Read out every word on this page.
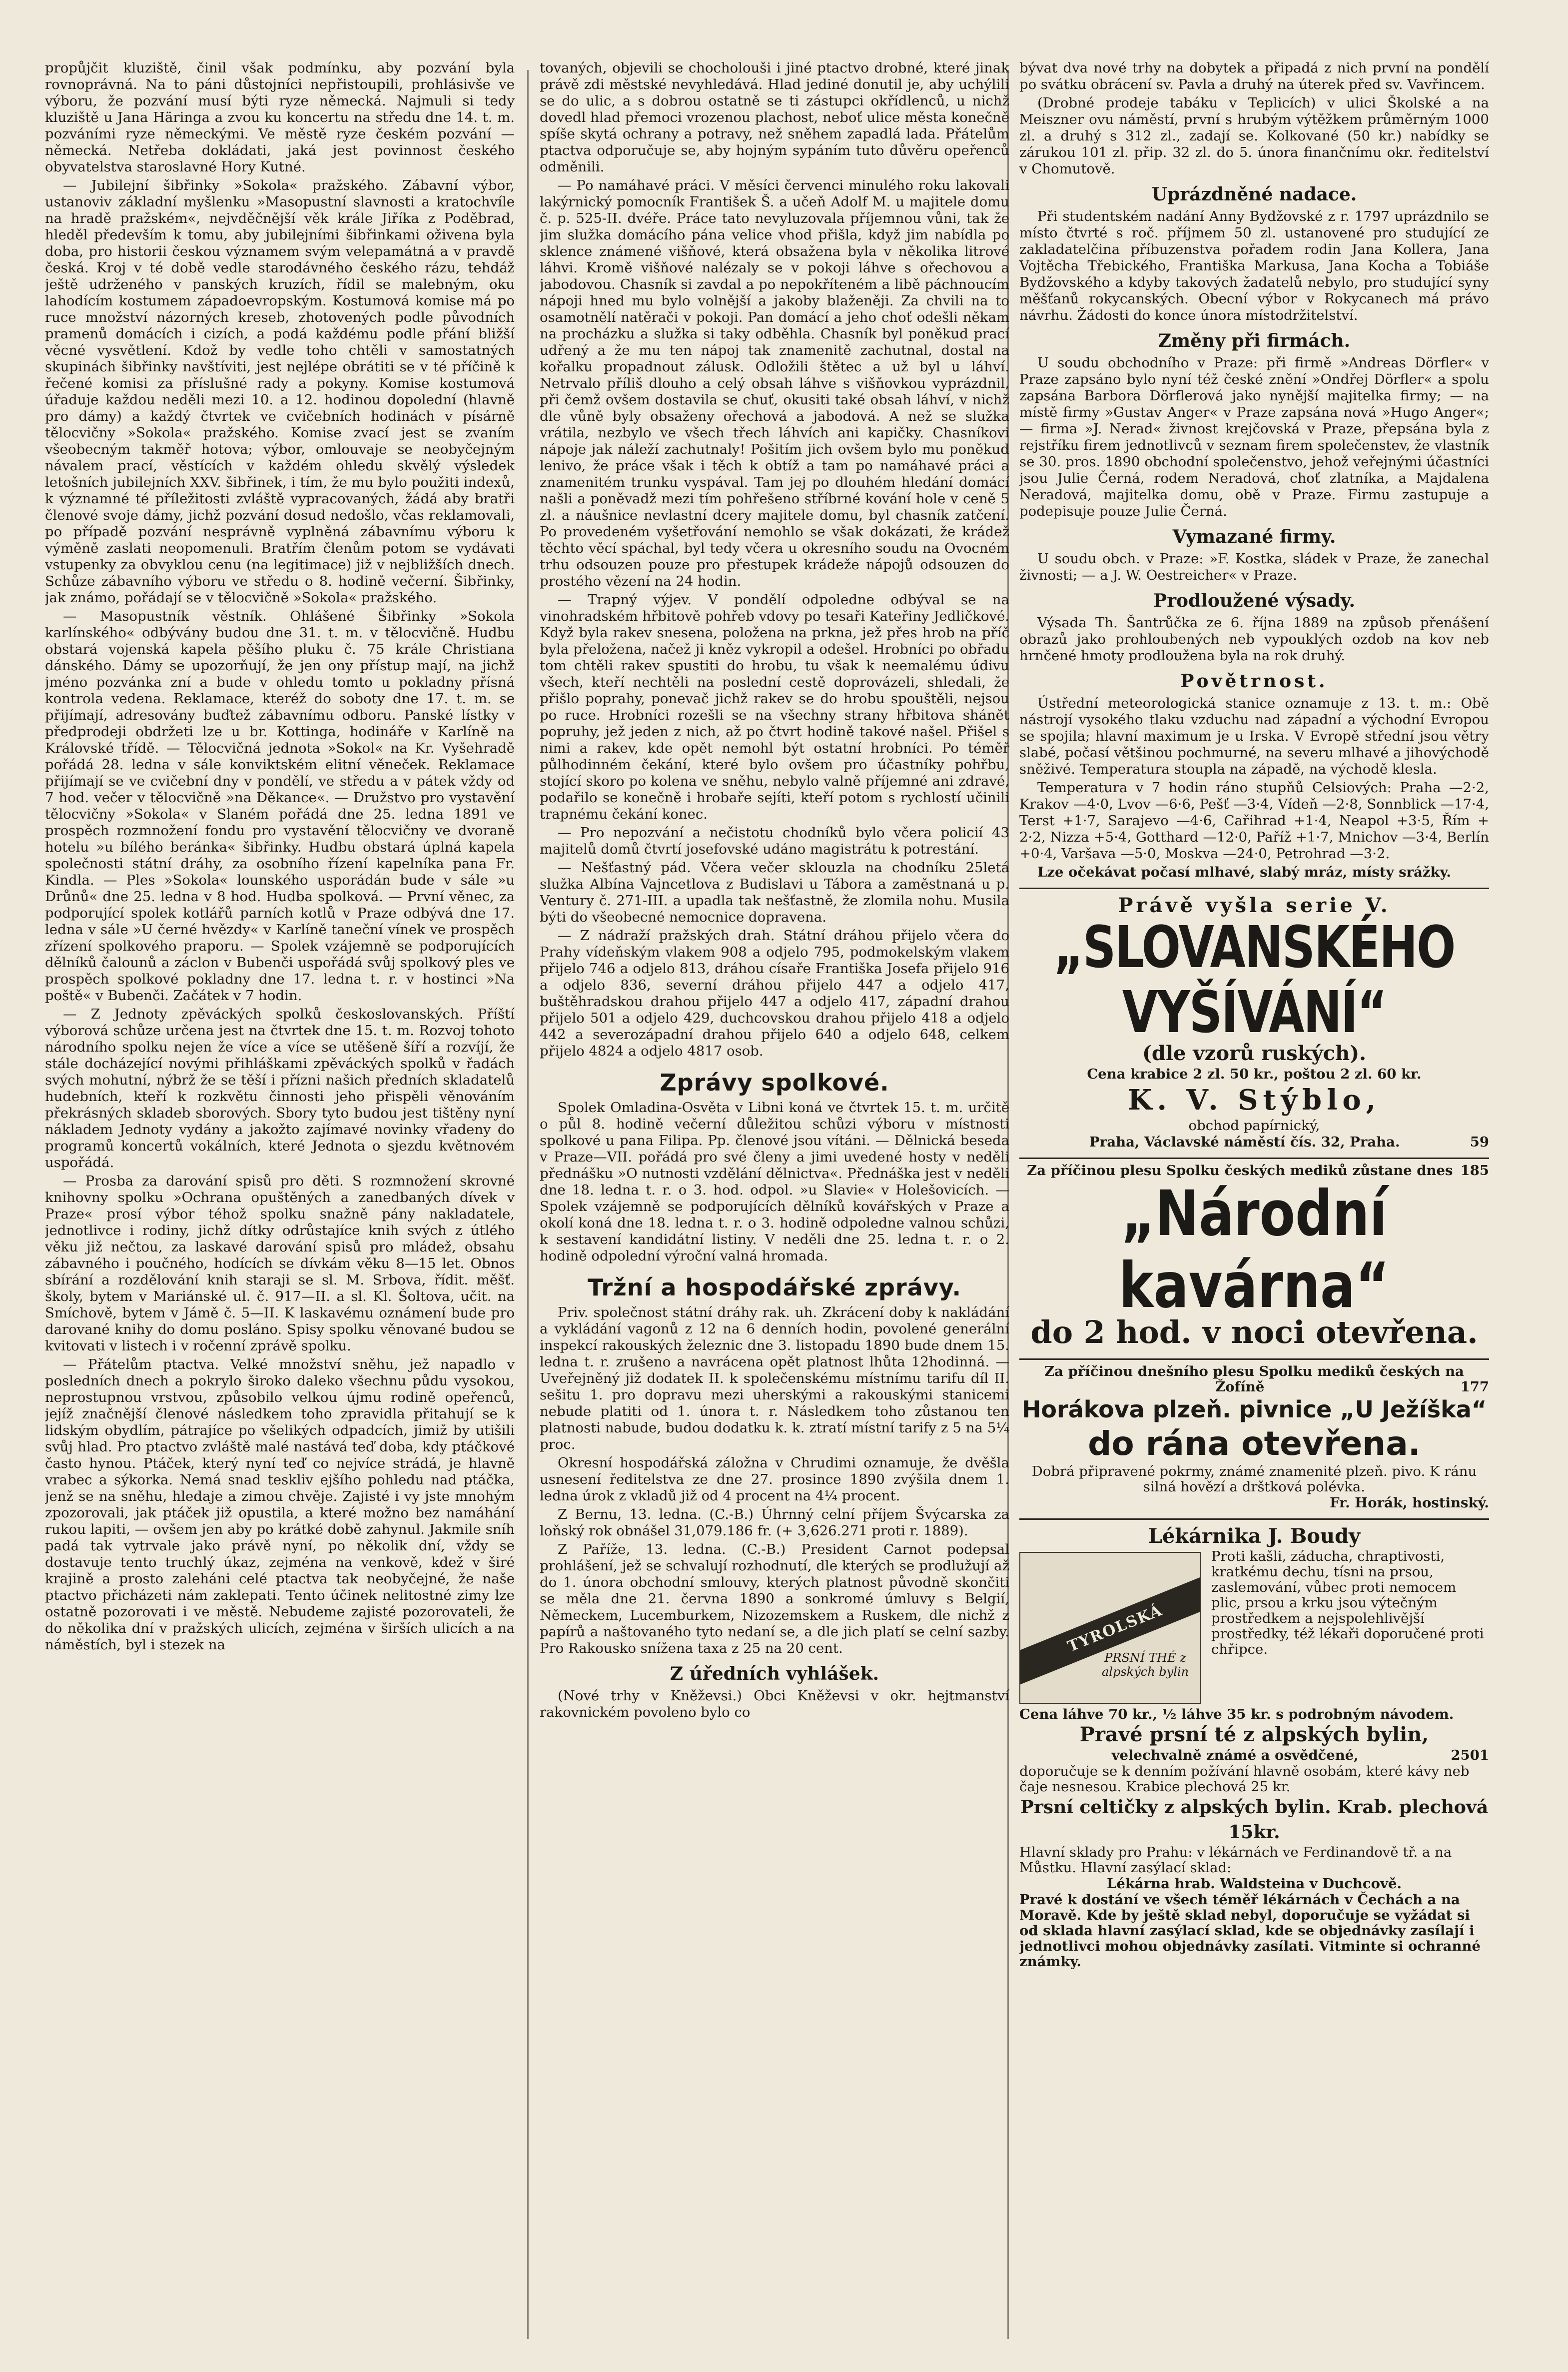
propůjčit kluziště, činil však podmínku, aby pozvání byla rovnoprávná. Na to páni důstojníci nepřistoupili, prohlásivše ve výboru, že pozvání musí býti ryze německá. Najmuli si tedy kluziště u Jana Häringa a zvou ku koncertu na středu dne 14. t. m. pozváními ryze německými. Ve městě ryze českém pozvání — německá. Netřeba dokládati, jaká jest povinnost českého obyvatelstva staroslavné Hory Kutné.

— Jubilejní šibřinky »Sokola« pražského. Zábavní výbor, ustanoviv základní myšlenku »Masopustní slavnosti a kratochvíle na hradě pražském«, nejvděčnější věk krále Jiříka z Poděbrad, hleděl především k tomu, aby jubilejními šibřinkami oživena byla doba, pro historii českou významem svým velepamátná a v pravdě česká. Kroj v té době vedle starodávného českého rázu, tehdáž ještě udrženého v panských kruzích, řídil se malebným, oku lahodícím kostumem západoevropským. Kostumová komise má po ruce množství názorných kreseb, zhotovených podle původních pramenů domácích i cizích, a podá každému podle přání bližší věcné vysvětlení. Kdož by vedle toho chtěli v samostatných skupinách šibřinky navštíviti, jest nejlépe obrátiti se v té příčině k řečené komisi za příslušné rady a pokyny. Komise kostumová úřaduje každou neděli mezi 10. a 12. hodinou dopolední (hlavně pro dámy) a každý čtvrtek ve cvičebních hodinách v písárně tělocvičny »Sokola« pražského. Komise zvací jest se zvaním všeobecným takměř hotova; výbor, omlouvaje se neobyčejným návalem prací, věstících v každém ohledu skvělý výsledek letošních jubilejních XXV. šibřinek, i tím, že mu bylo použiti indexů, k významné té příležitosti zvláště vypracovaných, žádá aby bratři členové svoje dámy, jichž pozvání dosud nedošlo, včas reklamovali, po případě pozvání nesprávně vyplněná zábavnímu výboru k výměně zaslati neopomenuli. Bratřím členům potom se vydávati vstupenky za obvyklou cenu (na legitimace) již v nejbližších dnech. Schůze zábavního výboru ve středu o 8. hodině večerní. Šibřinky, jak známo, pořádají se v tělocvičně »Sokola« pražského.

— Masopustník věstník. Ohlášené Šibřinky »Sokola karlínského« odbývány budou dne 31. t. m. v tělocvičně. Hudbu obstará vojenská kapela pěšího pluku č. 75 krále Christiana dánského. Dámy se upozorňují, že jen ony přístup mají, na jichž jméno pozvánka zní a bude v ohledu tomto u pokladny přísná kontrola vedena. Reklamace, kteréž do soboty dne 17. t. m. se přijímají, adresovány buďtež zábavnímu odboru. Panské lístky v předprodeji obdržeti lze u br. Kottinga, hodináře v Karlíně na Královské třídě. — Tělocvičná jednota »Sokol« na Kr. Vyšehradě pořádá 28. ledna v sále konviktském elitní věneček. Reklamace přijímají se ve cvičební dny v pondělí, ve středu a v pátek vždy od 7 hod. večer v tělocvičně »na Děkance«. — Družstvo pro vystavění tělocvičny »Sokola« v Slaném pořádá dne 25. ledna 1891 ve prospěch rozmnožení fondu pro vystavění tělocvičny ve dvoraně hotelu »u bílého beránka« šibřinky. Hudbu obstará úplná kapela společnosti státní dráhy, za osobního řízení kapelníka pana Fr. Kindla. — Ples »Sokola« lounského usporádán bude v sále »u Drůnů« dne 25. ledna v 8 hod. Hudba spolková. — První věnec, za podporující spolek kotlářů parních kotlů v Praze odbývá dne 17. ledna v sále »U černé hvězdy« v Karlíně taneční vínek ve prospěch zřízení spolkového praporu. — Spolek vzájemně se podporujících dělníků čalounů a záclon v Bubenči uspořádá svůj spolkový ples ve prospěch spolkové pokladny dne 17. ledna t. r. v hostinci »Na poště« v Bubenči. Začátek v 7 hodin.

— Z Jednoty zpěváckých spolků českoslovanských. Příští výborová schůze určena jest na čtvrtek dne 15. t. m. Rozvoj tohoto národního spolku nejen že více a více se utěšeně šíří a rozvíjí, že stále docházející novými přihláškami zpěváckých spolků v řadách svých mohutní, nýbrž že se těší i přízni našich předních skladatelů hudebních, kteří k rozkvětu činnosti jeho přispěli věnováním překrásných skladeb sborových. Sbory tyto budou jest tištěny nyní nákladem Jednoty vydány a jakožto zajímavé novinky vřadeny do programů koncertů vokálních, které Jednota o sjezdu květnovém uspořádá.

— Prosba za darování spisů pro děti. S rozmnožení skrovné knihovny spolku »Ochrana opuštěných a zanedbaných dívek v Praze« prosí výbor téhož spolku snažně pány nakladatele, jednotlivce i rodiny, jichž dítky odrůstajíce knih svých z útlého věku již nečtou, za laskavé darování spisů pro mládež, obsahu zábavného i poučného, hodících se dívkám věku 8—15 let. Obnos sbírání a rozdělování knih staraji se sl. M. Srbova, řídit. měšť. školy, bytem v Mariánské ul. č. 917—II. a sl. Kl. Šoltova, učit. na Smíchově, bytem v Jámě č. 5—II. K laskavému oznámení bude pro darované knihy do domu posláno. Spisy spolku věnované budou se kvitovati v listech i v ročenní zprávě spolku.

— Přátelům ptactva. Velké množství sněhu, jež napadlo v posledních dnech a pokrylo široko daleko všechnu půdu vysokou, neprostupnou vrstvou, způsobilo velkou újmu rodině opeřenců, jejíž značnější členové následkem toho zpravidla přitahují se k lidským obydlím, pátrajíce po všelikých odpadcích, jimiž by utišili svůj hlad. Pro ptactvo zvláště malé nastává teď doba, kdy ptáčkové často hynou. Ptáček, který nyní teď co nejvíce strádá, je hlavně vrabec a sýkorka. Nemá snad teskliv ejšího pohledu nad ptáčka, jenž se na sněhu, hledaje a zimou chvěje. Zajisté i vy jste mnohým zpozorovali, jak ptáček již opustila, a které možno bez namáhání rukou lapiti, — ovšem jen aby po krátké době zahynul. Jakmile sníh padá tak vytrvale jako právě nyní, po několik dní, vždy se dostavuje tento truchlý úkaz, zejména na venkově, kdež v širé krajině a prosto zaleháni celé ptactva tak neobyčejné, že naše ptactvo přicházeti nám zaklepati. Tento účinek nelitostné zimy lze ostatně pozorovati i ve městě. Nebudeme zajisté pozorovateli, že do několika dní v pražských ulicích, zejména v širších ulicích a na náměstích, byl i stezek na

tovaných, objevili se chocholouši i jiné ptactvo drobné, které jinak právě zdi městské nevyhledává. Hlad jediné donutil je, aby uchýlili se do ulic, a s dobrou ostatně se ti zástupci okřídlenců, u nichž dovedl hlad přemoci vrozenou plachost, neboť ulice města konečně spíše skytá ochrany a potravy, než sněhem zapadlá lada. Přátelům ptactva odporučuje se, aby hojným sypáním tuto důvěru opeřenců odměnili.

— Po namáhavé práci. V měsíci červenci minulého roku lakovali lakýrnický pomocník František Š. a učeň Adolf M. u majitele domu č. p. 525-II. dvéře. Práce tato nevyluzovala příjemnou vůni, tak že jim služka domácího pána velice vhod přišla, když jim nabídla po sklence známené višňové, která obsažena byla v několika litrové láhvi. Kromě višňové nalézaly se v pokoji láhve s ořechovou a jabodovou. Chasník si zavdal a po nepokříteném a libě páchnoucím nápoji hned mu bylo volnější a jakoby blaženěji. Za chvili na to osamotnělí natěrači v pokoji. Pan domácí a jeho choť odešli někam na procházku a služka si taky odběhla. Chasník byl poněkud prací udřený a že mu ten nápoj tak znamenitě zachutnal, dostal na kořalku propadnout zálusk. Odložili štětec a už byl u láhví. Netrvalo příliš dlouho a celý obsah láhve s višňovkou vyprázdnil, při čemž ovšem dostavila se chuť, okusiti také obsah láhví, v nichž dle vůně byly obsaženy ořechová a jabodová. A než se služka vrátila, nezbylo ve všech třech láhvích ani kapičky. Chasníkovi nápoje jak náleží zachutnaly! Pošitím jich ovšem bylo mu poněkud lenivo, že práce však i těch k obtíž a tam po namáhavé práci a znamenitém trunku vyspával. Tam jej po dlouhém hledání domácí našli a poněvadž mezi tím pohřešeno stříbrné kování hole v ceně 5 zl. a náušnice nevlastní dcery majitele domu, byl chasník zatčení. Po provedeném vyšetřování nemohlo se však dokázati, že krádež těchto věcí spáchal, byl tedy včera u okresního soudu na Ovocném trhu odsouzen pouze pro přestupek krádeže nápojů odsouzen do prostého vězení na 24 hodin.

— Trapný výjev. V pondělí odpoledne odbýval se na vinohradském hřbitově pohřeb vdovy po tesaři Kateřiny Jedličkové. Když byla rakev snesena, položena na prkna, jež přes hrob na příč byla přeložena, načež ji kněz vykropil a odešel. Hrobníci po obřadu tom chtěli rakev spustiti do hrobu, tu však k neemalému údivu všech, kteří nechtěli na poslední cestě doprovázeli, shledali, že přišlo poprahy, ponevač jichž rakev se do hrobu spouštěli, nejsou po ruce. Hrobníci rozešli se na všechny strany hřbitova shánět popruhy, jež jeden z nich, až po čtvrt hodině takové našel. Přišel s nimi a rakev, kde opět nemohl být ostatní hrobníci. Po téměř půlhodinném čekání, které bylo ovšem pro účastníky pohřbu, stojící skoro po kolena ve sněhu, nebylo valně příjemné ani zdravé, podařilo se konečně i hrobaře sejíti, kteří potom s rychlostí učinili trapnému čekání konec.

— Pro nepozvání a nečistotu chodníků bylo včera policií 43 majitelů domů čtvrtí josefovské udáno magistrátu k potrestání.

— Nešťastný pád. Včera večer sklouzla na chodníku 25letá služka Albína Vajncetlova z Budislavi u Tábora a zaměstnaná u p. Ventury č. 271-III. a upadla tak nešťastně, že zlomila nohu. Musila býti do všeobecné nemocnice dopravena.

— Z nádraží pražských drah. Státní dráhou přijelo včera do Prahy vídeňským vlakem 908 a odjelo 795, podmokelským vlakem přijelo 746 a odjelo 813, dráhou císaře Františka Josefa přijelo 916 a odjelo 836, severní dráhou přijelo 447 a odjelo 417, buštěhradskou drahou přijelo 447 a odjelo 417, západní drahou přijelo 501 a odjelo 429, duchcovskou drahou přijelo 418 a odjelo 442 a severozápadní drahou přijelo 640 a odjelo 648, celkem přijelo 4824 a odjelo 4817 osob.

Zprávy spolkové.

Spolek Omladina-Osvěta v Libni koná ve čtvrtek 15. t. m. určitě o půl 8. hodině večerní důležitou schůzi výboru v místnosti spolkové u pana Filipa. Pp. členové jsou vítáni. — Dělnická beseda v Praze—VII. pořádá pro své členy a jimi uvedené hosty v neděli přednášku »O nutnosti vzdělání dělnictva«. Přednáška jest v neděli dne 18. ledna t. r. o 3. hod. odpol. »u Slavie« v Holešovicích. — Spolek vzájemně se podporujících dělníků kovářských v Praze a okolí koná dne 18. ledna t. r. o 3. hodině odpoledne valnou schůzi, k sestavení kandidátní listiny. V neděli dne 25. ledna t. r. o 2. hodině odpolední výroční valná hromada.

Tržní a hospodářské zprávy.

Priv. společnost státní dráhy rak. uh. Zkrácení doby k nakládání a vykládání vagonů z 12 na 6 denních hodin, povolené generální inspekcí rakouských železnic dne 3. listopadu 1890 bude dnem 15. ledna t. r. zrušeno a navrácena opět platnost lhůta 12hodinná. — Uveřejněný již dodatek II. k společenskému místnímu tarifu díl II. sešitu 1. pro dopravu mezi uherskými a rakouskými stanicemi nebude platiti od 1. února t. r. Následkem toho zůstanou ten platnosti nabude, budou dodatku k. k. ztratí místní tarify z 5 na 5¼ proc.

Okresní hospodářská záložna v Chrudimi oznamuje, že dvěšla usnesení ředitelstva ze dne 27. prosince 1890 zvýšila dnem 1. ledna úrok z vkladů již od 4 procent na 4¼ procent.

Z Bernu, 13. ledna. (C.-B.) Úhrnný celní příjem Švýcarska za loňský rok obnášel 31,079.186 fr. (+ 3,626.271 proti r. 1889).

Z Paříže, 13. ledna. (C.-B.) President Carnot podepsal prohlášení, jež se schvalují rozhodnutí, dle kterých se prodlužují až do 1. února obchodní smlouvy, kterých platnost původně skončiti se měla dne 21. června 1890 a sonkromé úmluvy s Belgií, Německem, Lucemburkem, Nizozemskem a Ruskem, dle nichž z papírů a naštovaného tyto nedaní se, a dle jich platí se celní sazby. Pro Rakousko snížena taxa z 25 na 20 cent.

Z úředních vyhlášek.

(Nové trhy v Kněževsi.) Obci Kněževsi v okr. hejtmanství rakovnickém povoleno bylo co

bývat dva nové trhy na dobytek a připadá z nich první na pondělí po svátku obrácení sv. Pavla a druhý na úterek před sv. Vavřincem.

(Drobné prodeje tabáku v Teplicích) v ulici Školské a na Meiszner ovu náměstí, první s hrubým výtěžkem průměrným 1000 zl. a druhý s 312 zl., zadají se. Kolkované (50 kr.) nabídky se zárukou 101 zl. přip. 32 zl. do 5. února finančnímu okr. ředitelství v Chomutově.

Uprázdněné nadace.

Při studentském nadání Anny Bydžovské z r. 1797 uprázdnilo se místo čtvrté s roč. příjmem 50 zl. ustanovené pro studující ze zakladatelčina příbuzenstva pořadem rodin Jana Kollera, Jana Vojtěcha Třebického, Františka Markusa, Jana Kocha a Tobiáše Bydžovského a kdyby takových žadatelů nebylo, pro studující syny měšťanů rokycanských. Obecní výbor v Rokycanech má právo návrhu. Žádosti do konce února místodržitelství.

Změny při firmách.

U soudu obchodního v Praze: při firmě »Andreas Dörfler« v Praze zapsáno bylo nyní též české znění »Ondřej Dörfler« a spolu zapsána Barbora Dörflerová jako nynější majitelka firmy; — na místě firmy »Gustav Anger« v Praze zapsána nová »Hugo Anger«; — firma »J. Nerad« živnost krejčovská v Praze, přepsána byla z rejstříku firem jednotlivců v seznam firem společenstev, že vlastník se 30. pros. 1890 obchodní společenstvo, jehož veřejnými účastníci jsou Julie Černá, rodem Neradová, choť zlatníka, a Majdalena Neradová, majitelka domu, obě v Praze. Firmu zastupuje a podepisuje pouze Julie Černá.

Vymazané firmy.

U soudu obch. v Praze: »F. Kostka, sládek v Praze, že zanechal živnosti; — a J. W. Oestreicher« v Praze.

Prodloužené výsady.

Výsada Th. Šantrůčka ze 6. října 1889 na způsob přenášení obrazů jako prohloubených neb vypouklých ozdob na kov neb hrnčené hmoty prodloužena byla na rok druhý.

Povětrnost.

Ústřední meteorologická stanice oznamuje z 13. t. m.: Obě nástrojí vysokého tlaku vzduchu nad západní a východní Evropou se spojila; hlavní maximum je u Irska. V Evropě střední jsou větry slabé, počasí většinou pochmurné, na severu mlhavé a jihovýchodě sněživé. Temperatura stoupla na západě, na východě klesla.

Temperatura v 7 hodin ráno stupňů Celsiových: Praha —2·2, Krakov —4·0, Lvov —6·6, Pešť —3·4, Vídeň —2·8, Sonnblick —17·4, Terst +1·7, Sarajevo —4·6, Cařihrad +1·4, Neapol +3·5, Řím + 2·2, Nizza +5·4, Gotthard —12·0, Paříž +1·7, Mnichov —3·4, Berlín +0·4, Varšava —5·0, Moskva —24·0, Petrohrad —3·2.

Lze očekávat počasí mlhavé, slabý mráz, místy srážky.

Právě vyšla serie V.
„SLOVANSKÉHO VYŠÍVÁNÍ“
(dle vzorů ruských).
Cena krabice 2 zl. 50 kr., poštou 2 zl. 60 kr.
K. V. Stýblo,
obchod papírnický,
Praha, Václavské náměstí čís. 32, Praha.	59
Za příčinou plesu Spolku českých mediků zůstane dnes 185
„Národní kavárna“
do 2 hod. v noci otevřena.
Za příčinou dnešního plesu Spolku mediků českých na Žofíně	177
Horákova plzeň. pivnice „U Ježíška“
do rána otevřena.
Dobrá připravené pokrmy, známé znamenité plzeň. pivo. K ránu silná hovězí a drštková polévka.
Fr. Horák, hostinský.
Lékárnika J. Boudy
TYROLSKÁ
PRSNÍ THÉ z alpských bylin
Proti kašli, záducha, chraptivosti, kratkému dechu, tísni na prsou, zaslemování, vůbec proti nemocem plic, prsou a krku jsou výtečným prostředkem a nejspolehlivější prostředky, též lékaři doporučené proti chřipce.
Cena láhve 70 kr., ½ láhve 35 kr. s podrobným návodem.
Pravé prsní té z alpských bylin,
velechvalně známé a osvědčené,	2501
doporučuje se k denním požívání hlavně osobám, které kávy neb čaje nesnesou. Krabice plechová 25 kr.
Prsní celtičky z alpských bylin. Krab. plechová 15kr.
Hlavní sklady pro Prahu: v lékárnách ve Ferdinandově tř. a na Můstku. Hlavní zasýlací sklad:
Lékárna hrab. Waldsteina v Duchcově.
Pravé k dostání ve všech téměř lékárnách v Čechách a na Moravě. Kde by ještě sklad nebyl, doporučuje se vyžádat si od sklada hlavní zasýlací sklad, kde se objednávky zasílají i jednotlivci mohou objednávky zasílati. Vitminte si ochranné známky.
